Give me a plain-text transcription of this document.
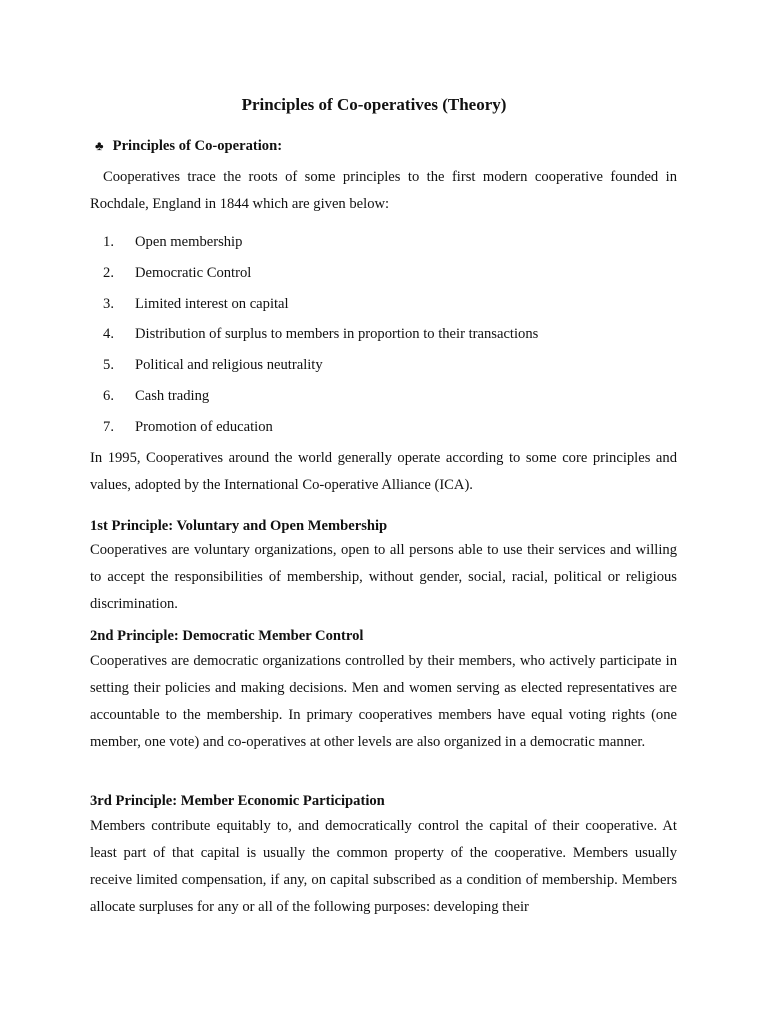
Principles of Co-operatives (Theory)
♣ Principles of Co-operation:

Cooperatives trace the roots of some principles to the first modern cooperative founded in Rochdale, England in 1844 which are given below:

1. Open membership
2. Democratic Control
3. Limited interest on capital
4. Distribution of surplus to members in proportion to their transactions
5. Political and religious neutrality
6. Cash trading
7. Promotion of education

In 1995, Cooperatives around the world generally operate according to some core principles and values, adopted by the International Co-operative Alliance (ICA).

1st Principle: Voluntary and Open Membership

Cooperatives are voluntary organizations, open to all persons able to use their services and willing to accept the responsibilities of membership, without gender, social, racial, political or religious discrimination.

2nd Principle: Democratic Member Control

Cooperatives are democratic organizations controlled by their members, who actively participate in setting their policies and making decisions. Men and women serving as elected representatives are accountable to the membership. In primary cooperatives members have equal voting rights (one member, one vote) and co-operatives at other levels are also organized in a democratic manner.

3rd Principle: Member Economic Participation

Members contribute equitably to, and democratically control the capital of their cooperative. At least part of that capital is usually the common property of the cooperative. Members usually receive limited compensation, if any, on capital subscribed as a condition of membership. Members allocate surpluses for any or all of the following purposes: developing their
